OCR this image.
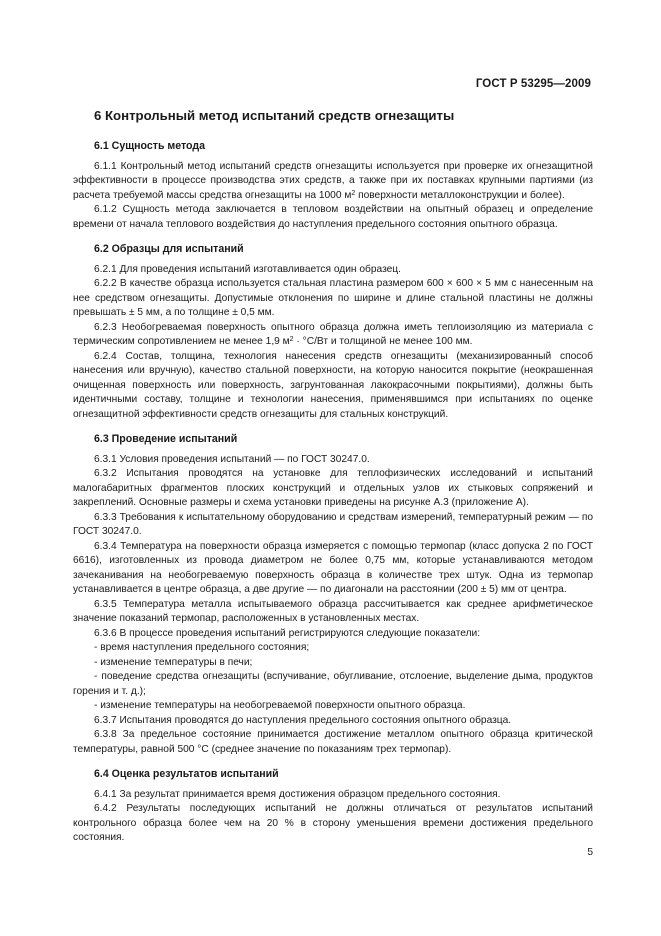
ГОСТ Р 53295—2009
6 Контрольный метод испытаний средств огнезащиты
6.1 Сущность метода

6.1.1 Контрольный метод испытаний средств огнезащиты используется при проверке их огнезащитной эффективности в процессе производства этих средств, а также при их поставках крупными партиями (из расчета требуемой массы средства огнезащиты на 1000 $м^2$ поверхности металлоконструкции и более).

6.1.2 Сущность метода заключается в тепловом воздействии на опытный образец и определение времени от начала теплового воздействия до наступления предельного состояния опытного образца.

6.2 Образцы для испытаний

6.2.1 Для проведения испытаний изготавливается один образец.

6.2.2 В качестве образца используется стальная пластина размером 600 × 600 × 5 мм с нанесенным на нее средством огнезащиты. Допустимые отклонения по ширине и длине стальной пластины не должны превышать ± 5 мм, а по толщине ± 0,5 мм.

6.2.3 Необогреваемая поверхность опытного образца должна иметь теплоизоляцию из материала с термическим сопротивлением не менее 1,9 $м^2 \cdot ^\circ С/Вт$ и толщиной не менее 100 мм.

6.2.4 Состав, толщина, технология нанесения средств огнезащиты (механизированный способ нанесения или вручную), качество стальной поверхности, на которую наносится покрытие (неокрашенная очищенная поверхность или поверхность, загрунтованная лакокрасочными покрытиями), должны быть идентичными составу, толщине и технологии нанесения, применявшимся при испытаниях по оценке огнезащитной эффективности средств огнезащиты для стальных конструкций.

6.3 Проведение испытаний

6.3.1 Условия проведения испытаний — по ГОСТ 30247.0.

6.3.2 Испытания проводятся на установке для теплофизических исследований и испытаний малогабаритных фрагментов плоских конструкций и отдельных узлов их стыковых сопряжений и закреплений. Основные размеры и схема установки приведены на рисунке А.3 (приложение А).

6.3.3 Требования к испытательному оборудованию и средствам измерений, температурный режим — по ГОСТ 30247.0.

6.3.4 Температура на поверхности образца измеряется с помощью термопар (класс допуска 2 по ГОСТ 6616), изготовленных из провода диаметром не более 0,75 мм, которые устанавливаются методом зачеканивания на необогреваемую поверхность образца в количестве трех штук. Одна из термопар устанавливается в центре образца, а две другие — по диагонали на расстоянии (200 ± 5) мм от центра.

6.3.5 Температура металла испытываемого образца рассчитывается как среднее арифметическое значение показаний термопар, расположенных в установленных местах.

6.3.6 В процессе проведения испытаний регистрируются следующие показатели:

- время наступления предельного состояния;

- изменение температуры в печи;

- поведение средства огнезащиты (вспучивание, обугливание, отслоение, выделение дыма, продуктов горения и т. д.);

- изменение температуры на необогреваемой поверхности опытного образца.

6.3.7 Испытания проводятся до наступления предельного состояния опытного образца.

6.3.8 За предельное состояние принимается достижение металлом опытного образца критической температуры, равной 500 °С (среднее значение по показаниям трех термопар).

6.4 Оценка результатов испытаний

6.4.1 За результат принимается время достижения образцом предельного состояния.

6.4.2 Результаты последующих испытаний не должны отличаться от результатов испытаний контрольного образца более чем на 20 % в сторону уменьшения времени достижения предельного состояния.

5
